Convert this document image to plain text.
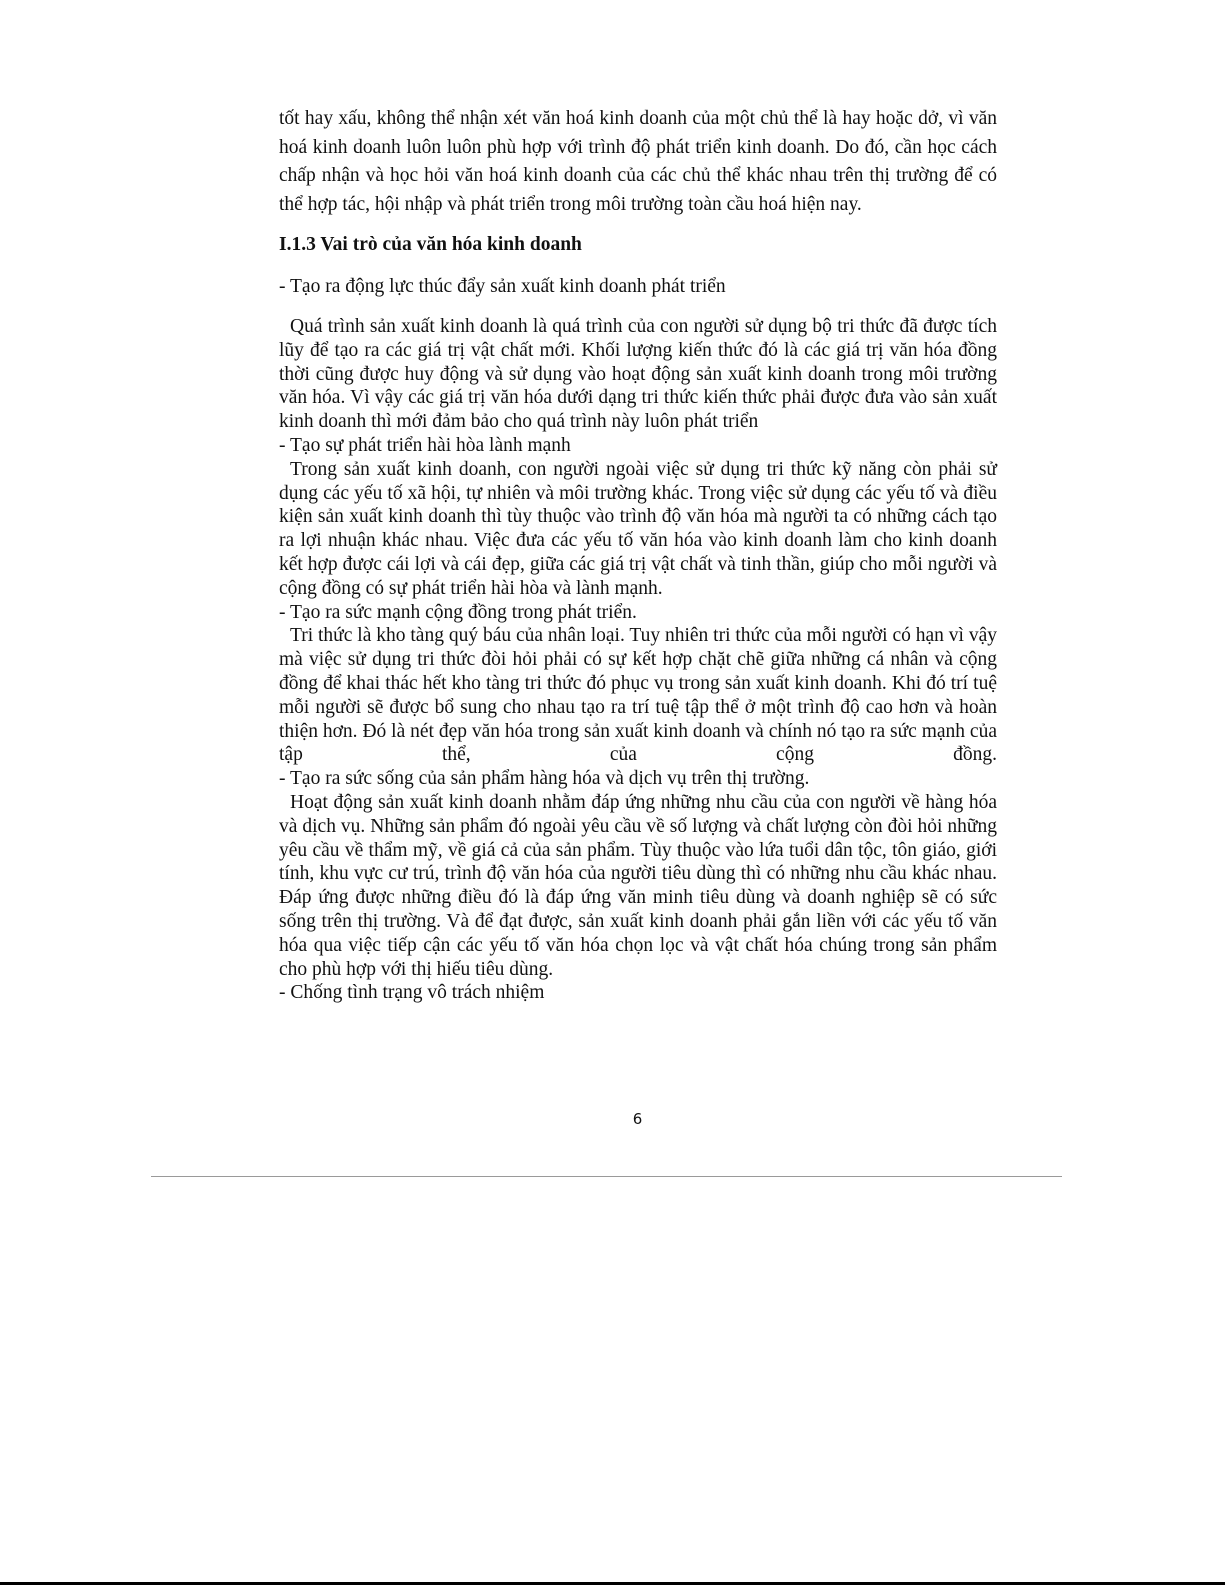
tốt hay xấu, không thể nhận xét văn hoá kinh doanh của một chủ thể là hay hoặc dở, vì văn hoá kinh doanh luôn luôn phù hợp với trình độ phát triển kinh doanh. Do đó, cần học cách chấp nhận và học hỏi văn hoá kinh doanh của các chủ thể khác nhau trên thị trường để có thể hợp tác, hội nhập và phát triển trong môi trường toàn cầu hoá hiện nay.

I.1.3 Vai trò của văn hóa kinh doanh

- Tạo ra động lực thúc đẩy sản xuất kinh doanh phát triển

Quá trình sản xuất kinh doanh là quá trình của con người sử dụng bộ tri thức đã được tích lũy để tạo ra các giá trị vật chất mới. Khối lượng kiến thức đó là các giá trị văn hóa đồng thời cũng được huy động và sử dụng vào hoạt động sản xuất kinh doanh trong môi trường văn hóa. Vì vậy các giá trị văn hóa dưới dạng tri thức kiến thức phải được đưa vào sản xuất kinh doanh thì mới đảm bảo cho quá trình này luôn phát triển

- Tạo sự phát triển hài hòa lành mạnh

Trong sản xuất kinh doanh, con người ngoài việc sử dụng tri thức kỹ năng còn phải sử dụng các yếu tố xã hội, tự nhiên và môi trường khác. Trong việc sử dụng các yếu tố và điều kiện sản xuất kinh doanh thì tùy thuộc vào trình độ văn hóa mà người ta có những cách tạo ra lợi nhuận khác nhau. Việc đưa các yếu tố văn hóa vào kinh doanh làm cho kinh doanh kết hợp được cái lợi và cái đẹp, giữa các giá trị vật chất và tinh thần, giúp cho mỗi người và cộng đồng có sự phát triển hài hòa và lành mạnh.

- Tạo ra sức mạnh cộng đồng trong phát triển.

Tri thức là kho tàng quý báu của nhân loại. Tuy nhiên tri thức của mỗi người có hạn vì vậy mà việc sử dụng tri thức đòi hỏi phải có sự kết hợp chặt chẽ giữa những cá nhân và cộng đồng để khai thác hết kho tàng tri thức đó phục vụ trong sản xuất kinh doanh. Khi đó trí tuệ mỗi người sẽ được bổ sung cho nhau tạo ra trí tuệ tập thể ở một trình độ cao hơn và hoàn thiện hơn. Đó là nét đẹp văn hóa trong sản xuất kinh doanh và chính nó tạo ra sức mạnh của tập thể, của cộng đồng.

- Tạo ra sức sống của sản phẩm hàng hóa và dịch vụ trên thị trường.

Hoạt động sản xuất kinh doanh nhằm đáp ứng những nhu cầu của con người về hàng hóa và dịch vụ. Những sản phẩm đó ngoài yêu cầu về số lượng và chất lượng còn đòi hỏi những yêu cầu về thẩm mỹ, về giá cả của sản phẩm. Tùy thuộc vào lứa tuổi dân tộc, tôn giáo, giới tính, khu vực cư trú, trình độ văn hóa của người tiêu dùng thì có những nhu cầu khác nhau. Đáp ứng được những điều đó là đáp ứng văn minh tiêu dùng và doanh nghiệp sẽ có sức sống trên thị trường. Và để đạt được, sản xuất kinh doanh phải gắn liền với các yếu tố văn hóa qua việc tiếp cận các yếu tố văn hóa chọn lọc và vật chất hóa chúng trong sản phẩm cho phù hợp với thị hiếu tiêu dùng.

- Chống tình trạng vô trách nhiệm

6
